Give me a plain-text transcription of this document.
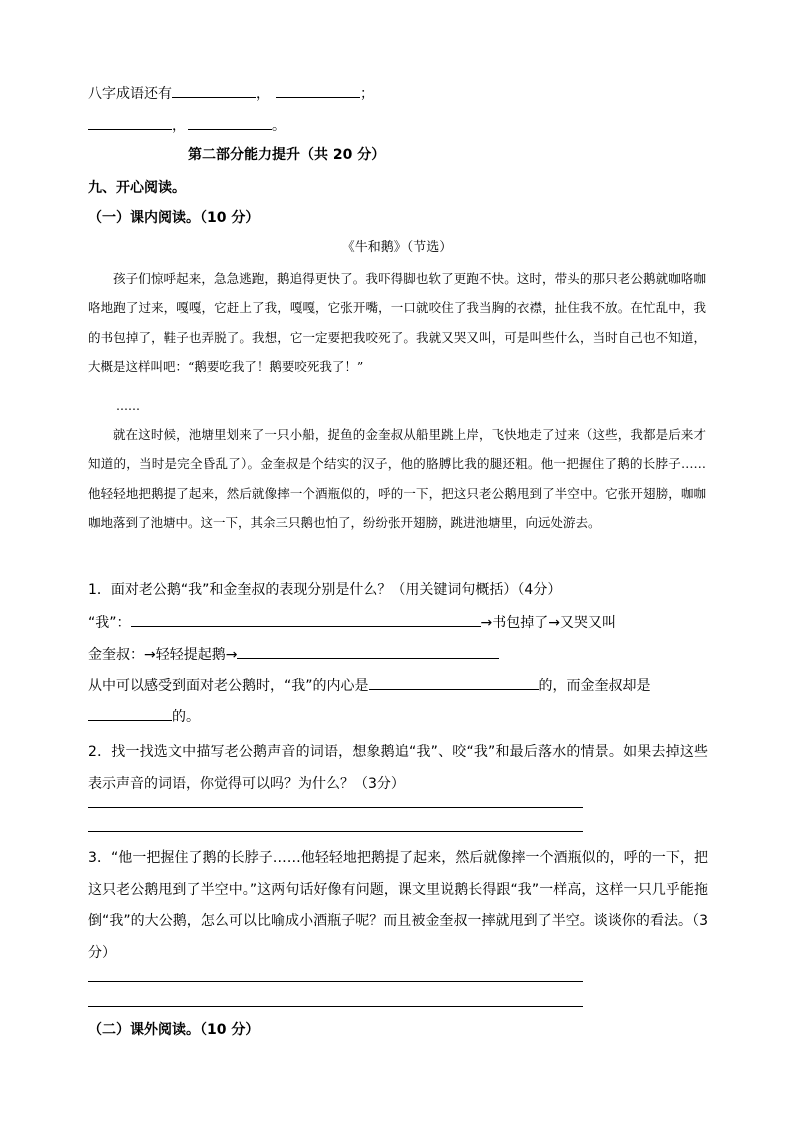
八字成语还有	，	；
，	。
第二部分能力提升（共 20 分）
九、开心阅读。
（一）课内阅读。（10 分）
《牛和鹅》（节选）

孩子们惊呼起来，急急逃跑，鹅追得更快了。我吓得脚也软了更跑不快。这时，带头的那只老公鹅就咖咯咖咯地跑了过来，嘎嘎，它赶上了我，嘎嘎，它张开嘴，一口就咬住了我当胸的衣襟，扯住我不放。在忙乱中，我的书包掉了，鞋子也弄脱了。我想，它一定要把我咬死了。我就又哭又叫，可是叫些什么，当时自己也不知道，大概是这样叫吧：“鹅要吃我了！鹅要咬死我了！”

……

就在这时候，池塘里划来了一只小船，捉鱼的金奎叔从船里跳上岸，飞快地走了过来（这些，我都是后来才知道的，当时是完全昏乱了）。金奎叔是个结实的汉子，他的胳膊比我的腿还粗。他一把握住了鹅的长脖子……他轻轻地把鹅提了起来，然后就像摔一个酒瓶似的，呼的一下，把这只老公鹅甩到了半空中。它张开翅膀，咖咖咖地落到了池塘中。这一下，其余三只鹅也怕了，纷纷张开翅膀，跳进池塘里，向远处游去。

1．面对老公鹅“我”和金奎叔的表现分别是什么？（用关键词句概括）（4分）
“我”：	→书包掉了→又哭又叫
金奎叔：→轻轻提起鹅→
从中可以感受到面对老公鹅时，“我”的内心是	的，而金奎叔却是
的。

2．找一找选文中描写老公鹅声音的词语，想象鹅追“我”、咬“我”和最后落水的情景。如果去掉这些表示声音的词语，你觉得可以吗？为什么？（3分）

3．“他一把握住了鹅的长脖子……他轻轻地把鹅提了起来，然后就像摔一个酒瓶似的，呼的一下，把这只老公鹅甩到了半空中。”这两句话好像有问题，课文里说鹅长得跟“我”一样高，这样一只几乎能拖倒“我”的大公鹅，怎么可以比喻成小酒瓶子呢？而且被金奎叔一摔就甩到了半空。谈谈你的看法。（3分）

（二）课外阅读。（10 分）
